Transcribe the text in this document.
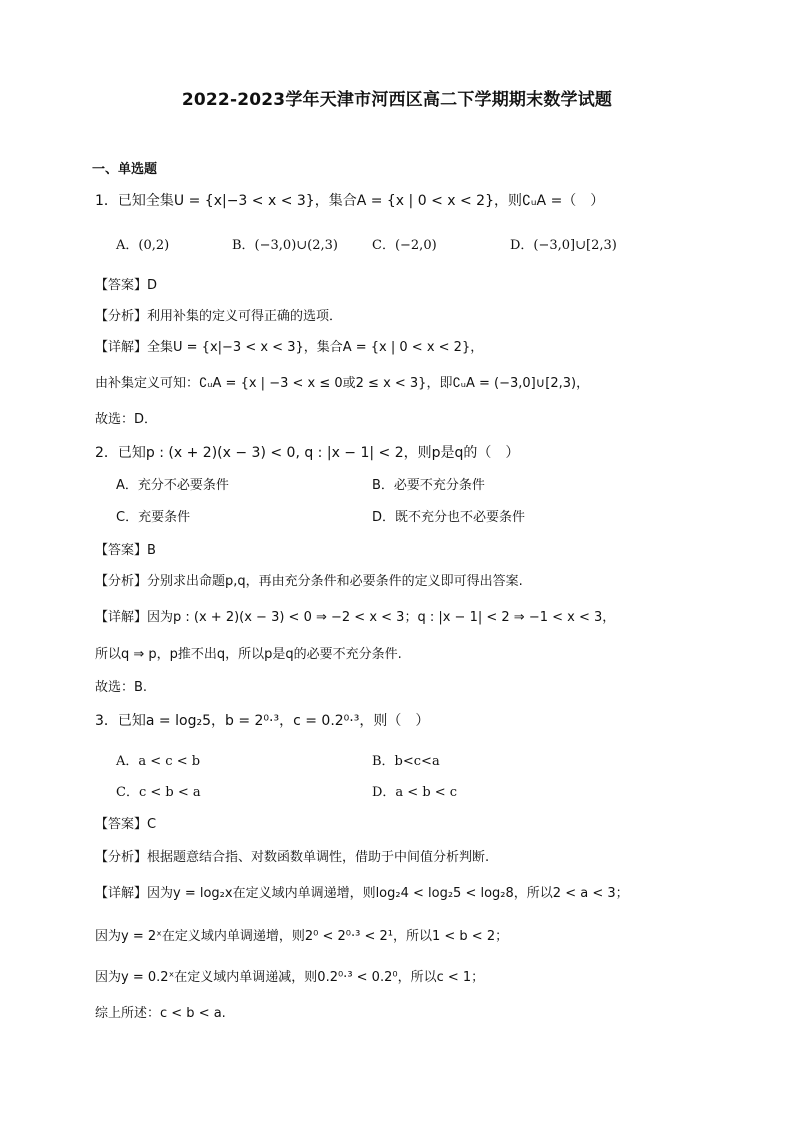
2022-2023学年天津市河西区高二下学期期末数学试题
一、单选题
1．已知全集U = {x|−3 < x < 3}，集合A = {x | 0 < x < 2}，则∁ᵤA =（　）
A．(0,2)	B．(−3,0)∪(2,3)	C．(−2,0)	D．(−3,0]∪[2,3)
【答案】D
【分析】利用补集的定义可得正确的选项．
【详解】全集U = {x|−3 < x < 3}，集合A = {x | 0 < x < 2}，
由补集定义可知：∁ᵤA = {x | −3 < x ≤ 0或2 ≤ x < 3}，即∁ᵤA = (−3,0]∪[2,3)，
故选：D．
2．已知p : (x + 2)(x − 3) < 0, q : |x − 1| < 2，则p是q的（　）
A．充分不必要条件	B．必要不充分条件
C．充要条件	D．既不充分也不必要条件
【答案】B
【分析】分别求出命题p,q，再由充分条件和必要条件的定义即可得出答案.
【详解】因为p : (x + 2)(x − 3) < 0 ⇒ −2 < x < 3；q : |x − 1| < 2 ⇒ −1 < x < 3，
所以q ⇒ p，p推不出q，所以p是q的必要不充分条件.
故选：B.
3．已知a = log₂5，b = 2⁰·³，c = 0.2⁰·³，则（　）
A．a < c < b	B．b<c<a
C．c < b < a	D．a < b < c
【答案】C
【分析】根据题意结合指、对数函数单调性，借助于中间值分析判断.
【详解】因为y = log₂x在定义域内单调递增，则log₂4 < log₂5 < log₂8，所以2 < a < 3；
因为y = 2ˣ在定义域内单调递增，则2⁰ < 2⁰·³ < 2¹，所以1 < b < 2；
因为y = 0.2ˣ在定义域内单调递减，则0.2⁰·³ < 0.2⁰，所以c < 1；
综上所述：c < b < a.
